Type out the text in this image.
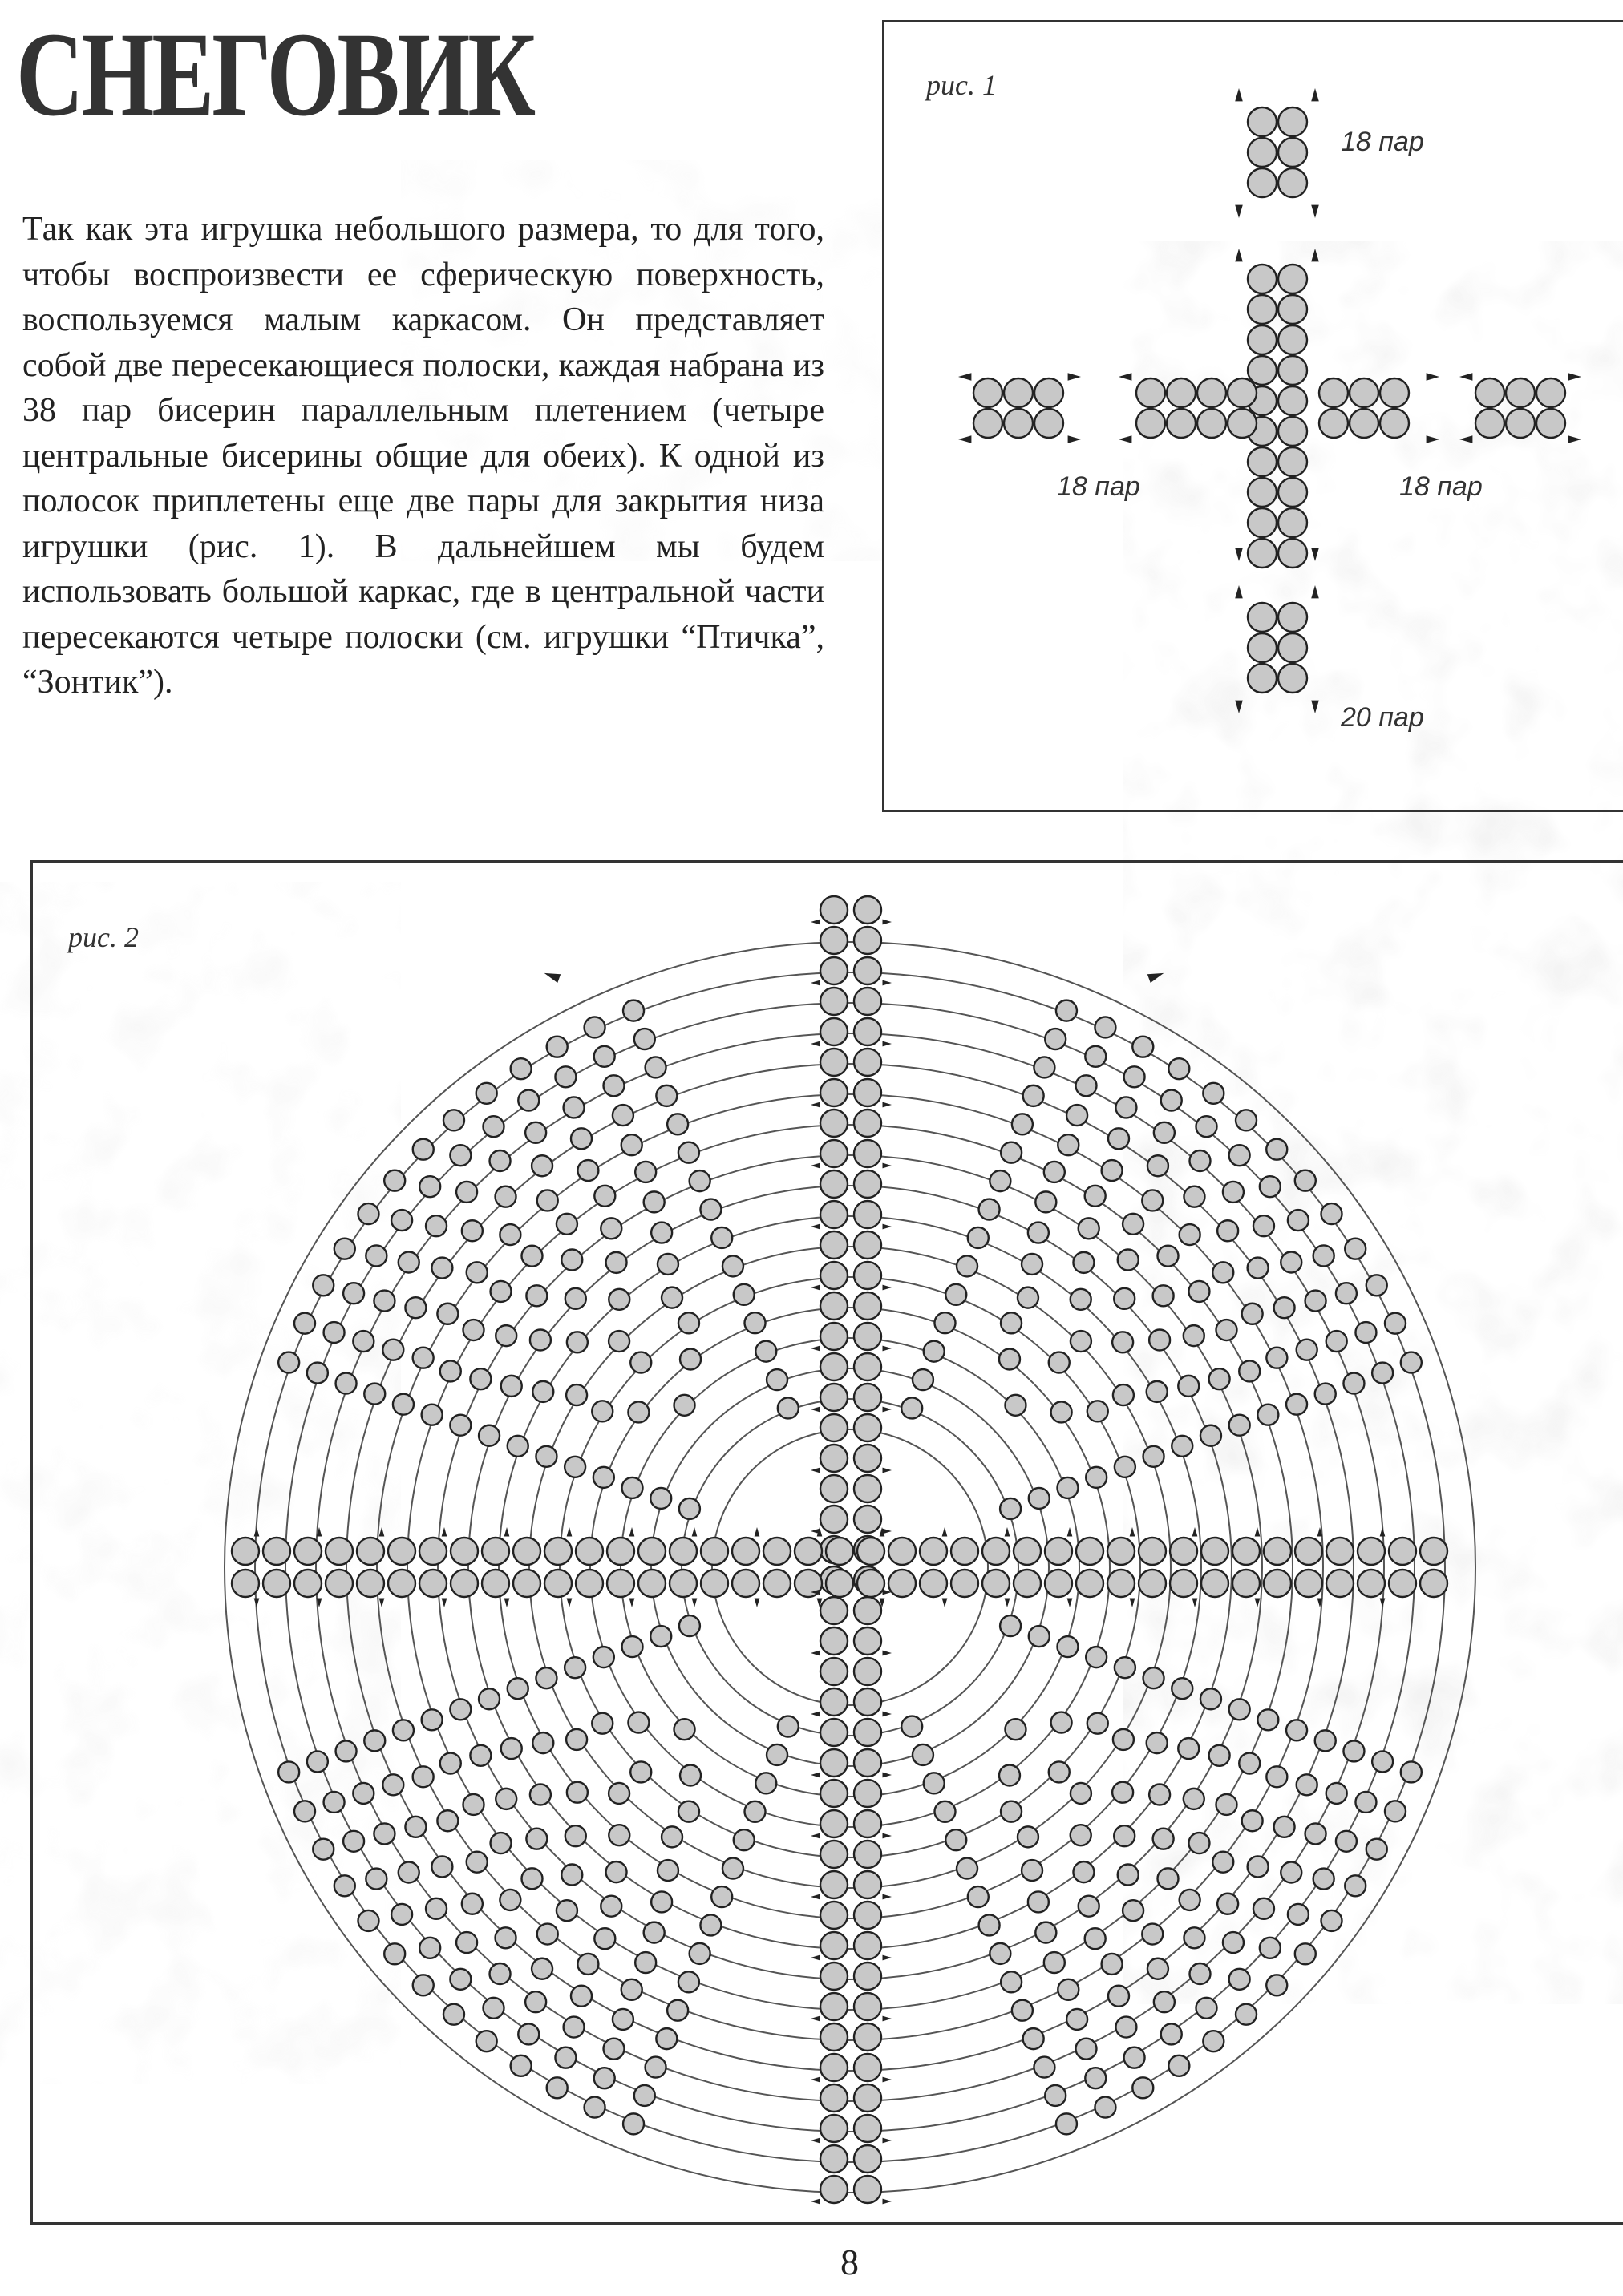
СНЕГОВИК
Так как эта игрушка небольшого размера, то для того, чтобы воспроизвести ее сферическую поверхность, воспользуемся малым каркасом. Он представляет собой две пересекающиеся полоски, каждая набрана из 38 пар бисерин параллельным плетением (четыре центральные бисерины общие для обеих). К одной из полосок приплетены еще две пары для закрытия низа игрушки (рис. 1). В дальнейшем мы будем использовать большой каркас, где в центральной части пересекаются четыре полоски (см. игрушки “Птичка”, “Зонтик”).
рис. 1
18 пар
18 пар	18 пар
20 пар
рис. 2
8
